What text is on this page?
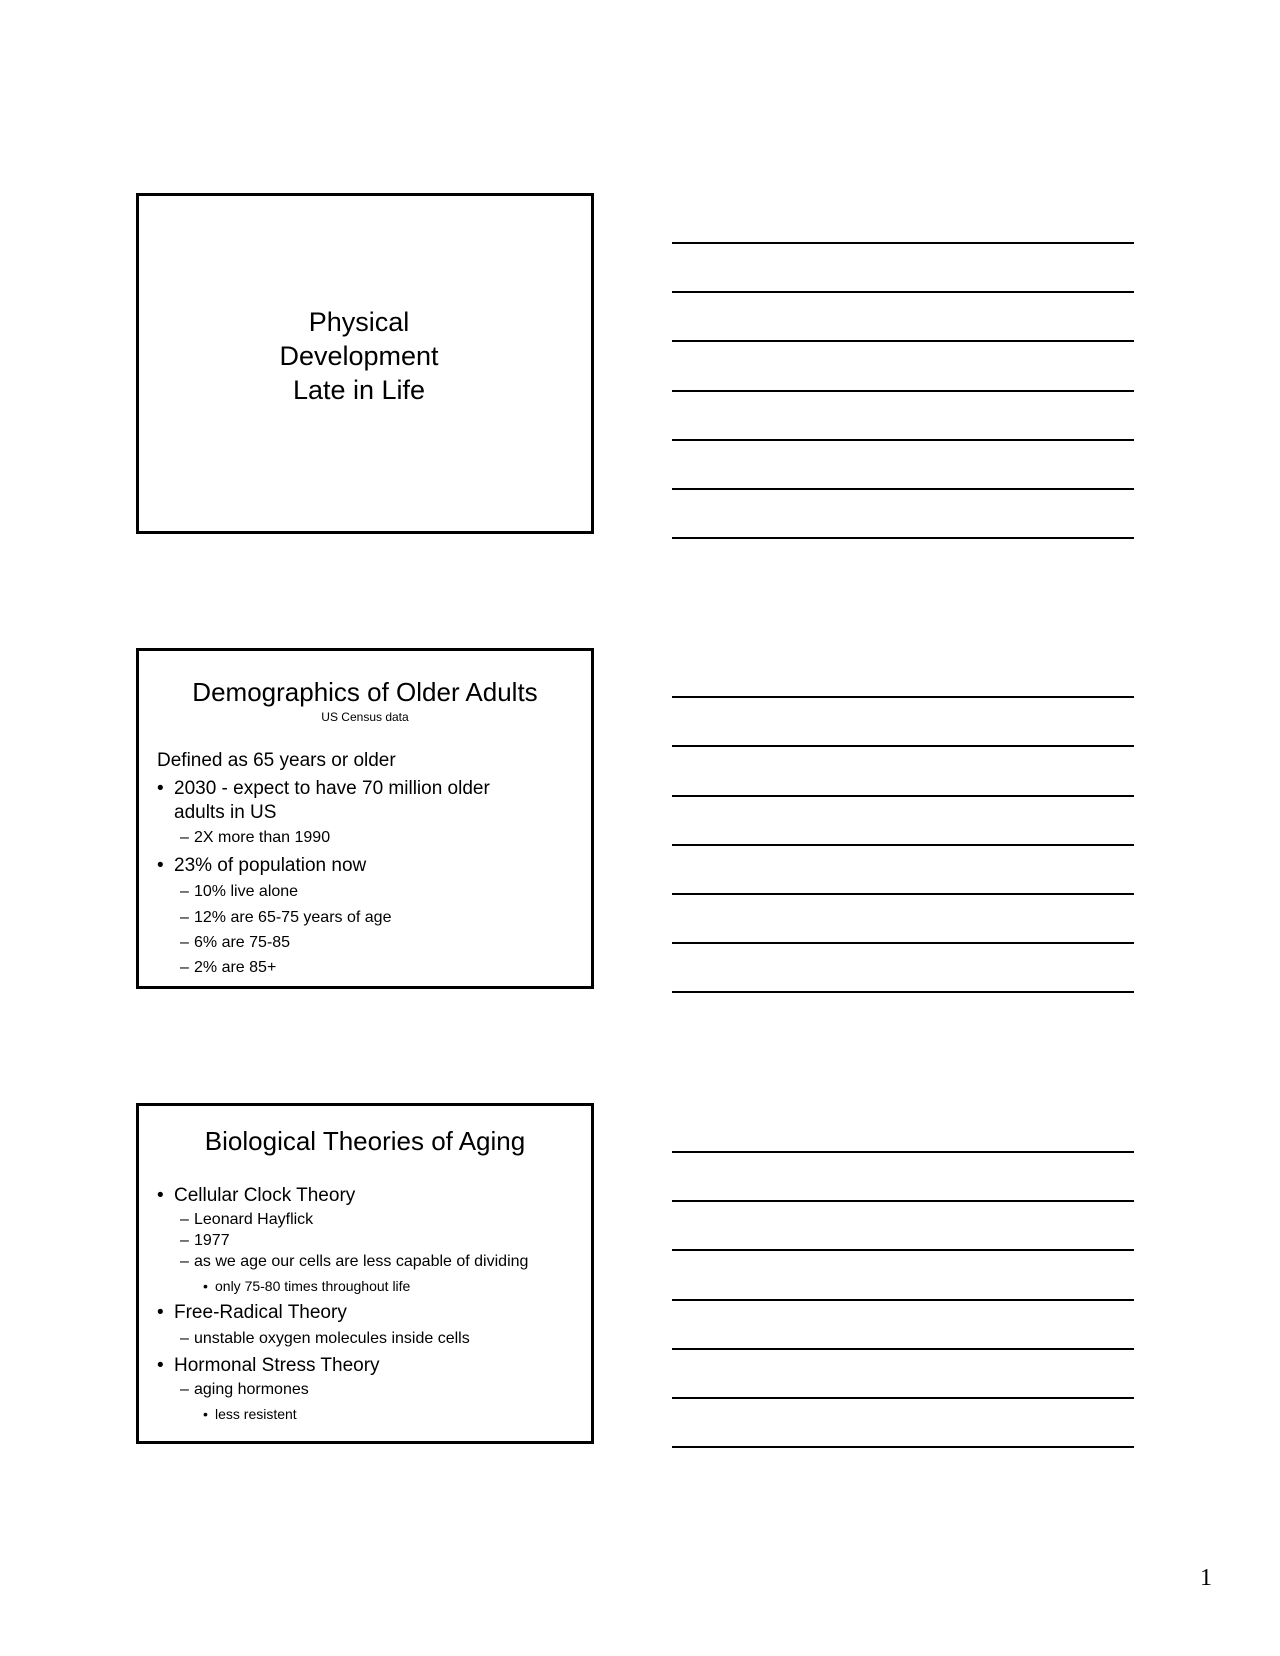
Physical
Development
Late in Life
Demographics of Older Adults
US Census data
Defined as 65 years or older
• 2030 - expect to have 70 million older
adults in US
– 2X more than 1990
• 23% of population now
– 10% live alone
– 12% are 65-75 years of age
– 6% are 75-85
– 2% are 85+
Biological Theories of Aging
• Cellular Clock Theory
– Leonard Hayflick
– 1977
– as we age our cells are less capable of dividing
• only 75-80 times throughout life
• Free-Radical Theory
– unstable oxygen molecules inside cells
• Hormonal Stress Theory
– aging hormones
• less resistent
1
